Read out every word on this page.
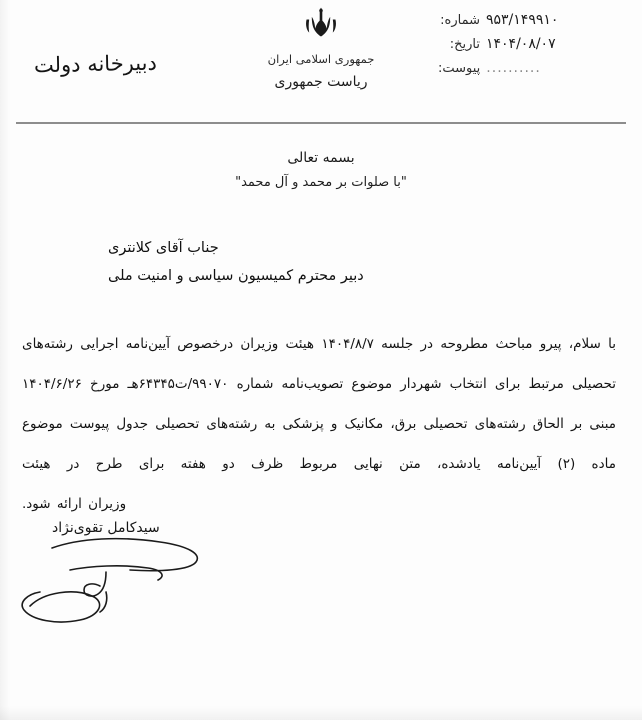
شماره: ۹۵۳/۱۴۹۹۱۰
تاریخ: ۱۴۰۴/۰۸/۰۷
پیوست: ..........
جمهوری اسلامی ایران
ریاست جمهوری
دبیرخانه دولت
بسمه تعالی
"با صلوات بر محمد و آل محمد"
جناب آقای کلانتری
دبیر محترم کمیسیون سیاسی و امنیت ملی

با سلام، پیرو مباحث مطروحه در جلسه ۱۴۰۴/۸/۷ هیئت وزیران درخصوص آیین‌نامه اجرایی رشته‌های تحصیلی مرتبط برای انتخاب شهردار موضوع تصویب‌نامه شماره ۹۹۰۷۰/ت۶۴۳۴۵هـ مورخ ۱۴۰۴/۶/۲۶ مبنی بر الحاق رشته‌های تحصیلی برق، مکانیک و پزشکی به رشته‌های تحصیلی جدول پیوست موضوع ماده (۲) آیین‌نامه یادشده، متن نهایی مربوط ظرف دو هفته برای طرح در هیئت

وزیران ارائه شود.

سیدکامل تقوی‌نژاد
